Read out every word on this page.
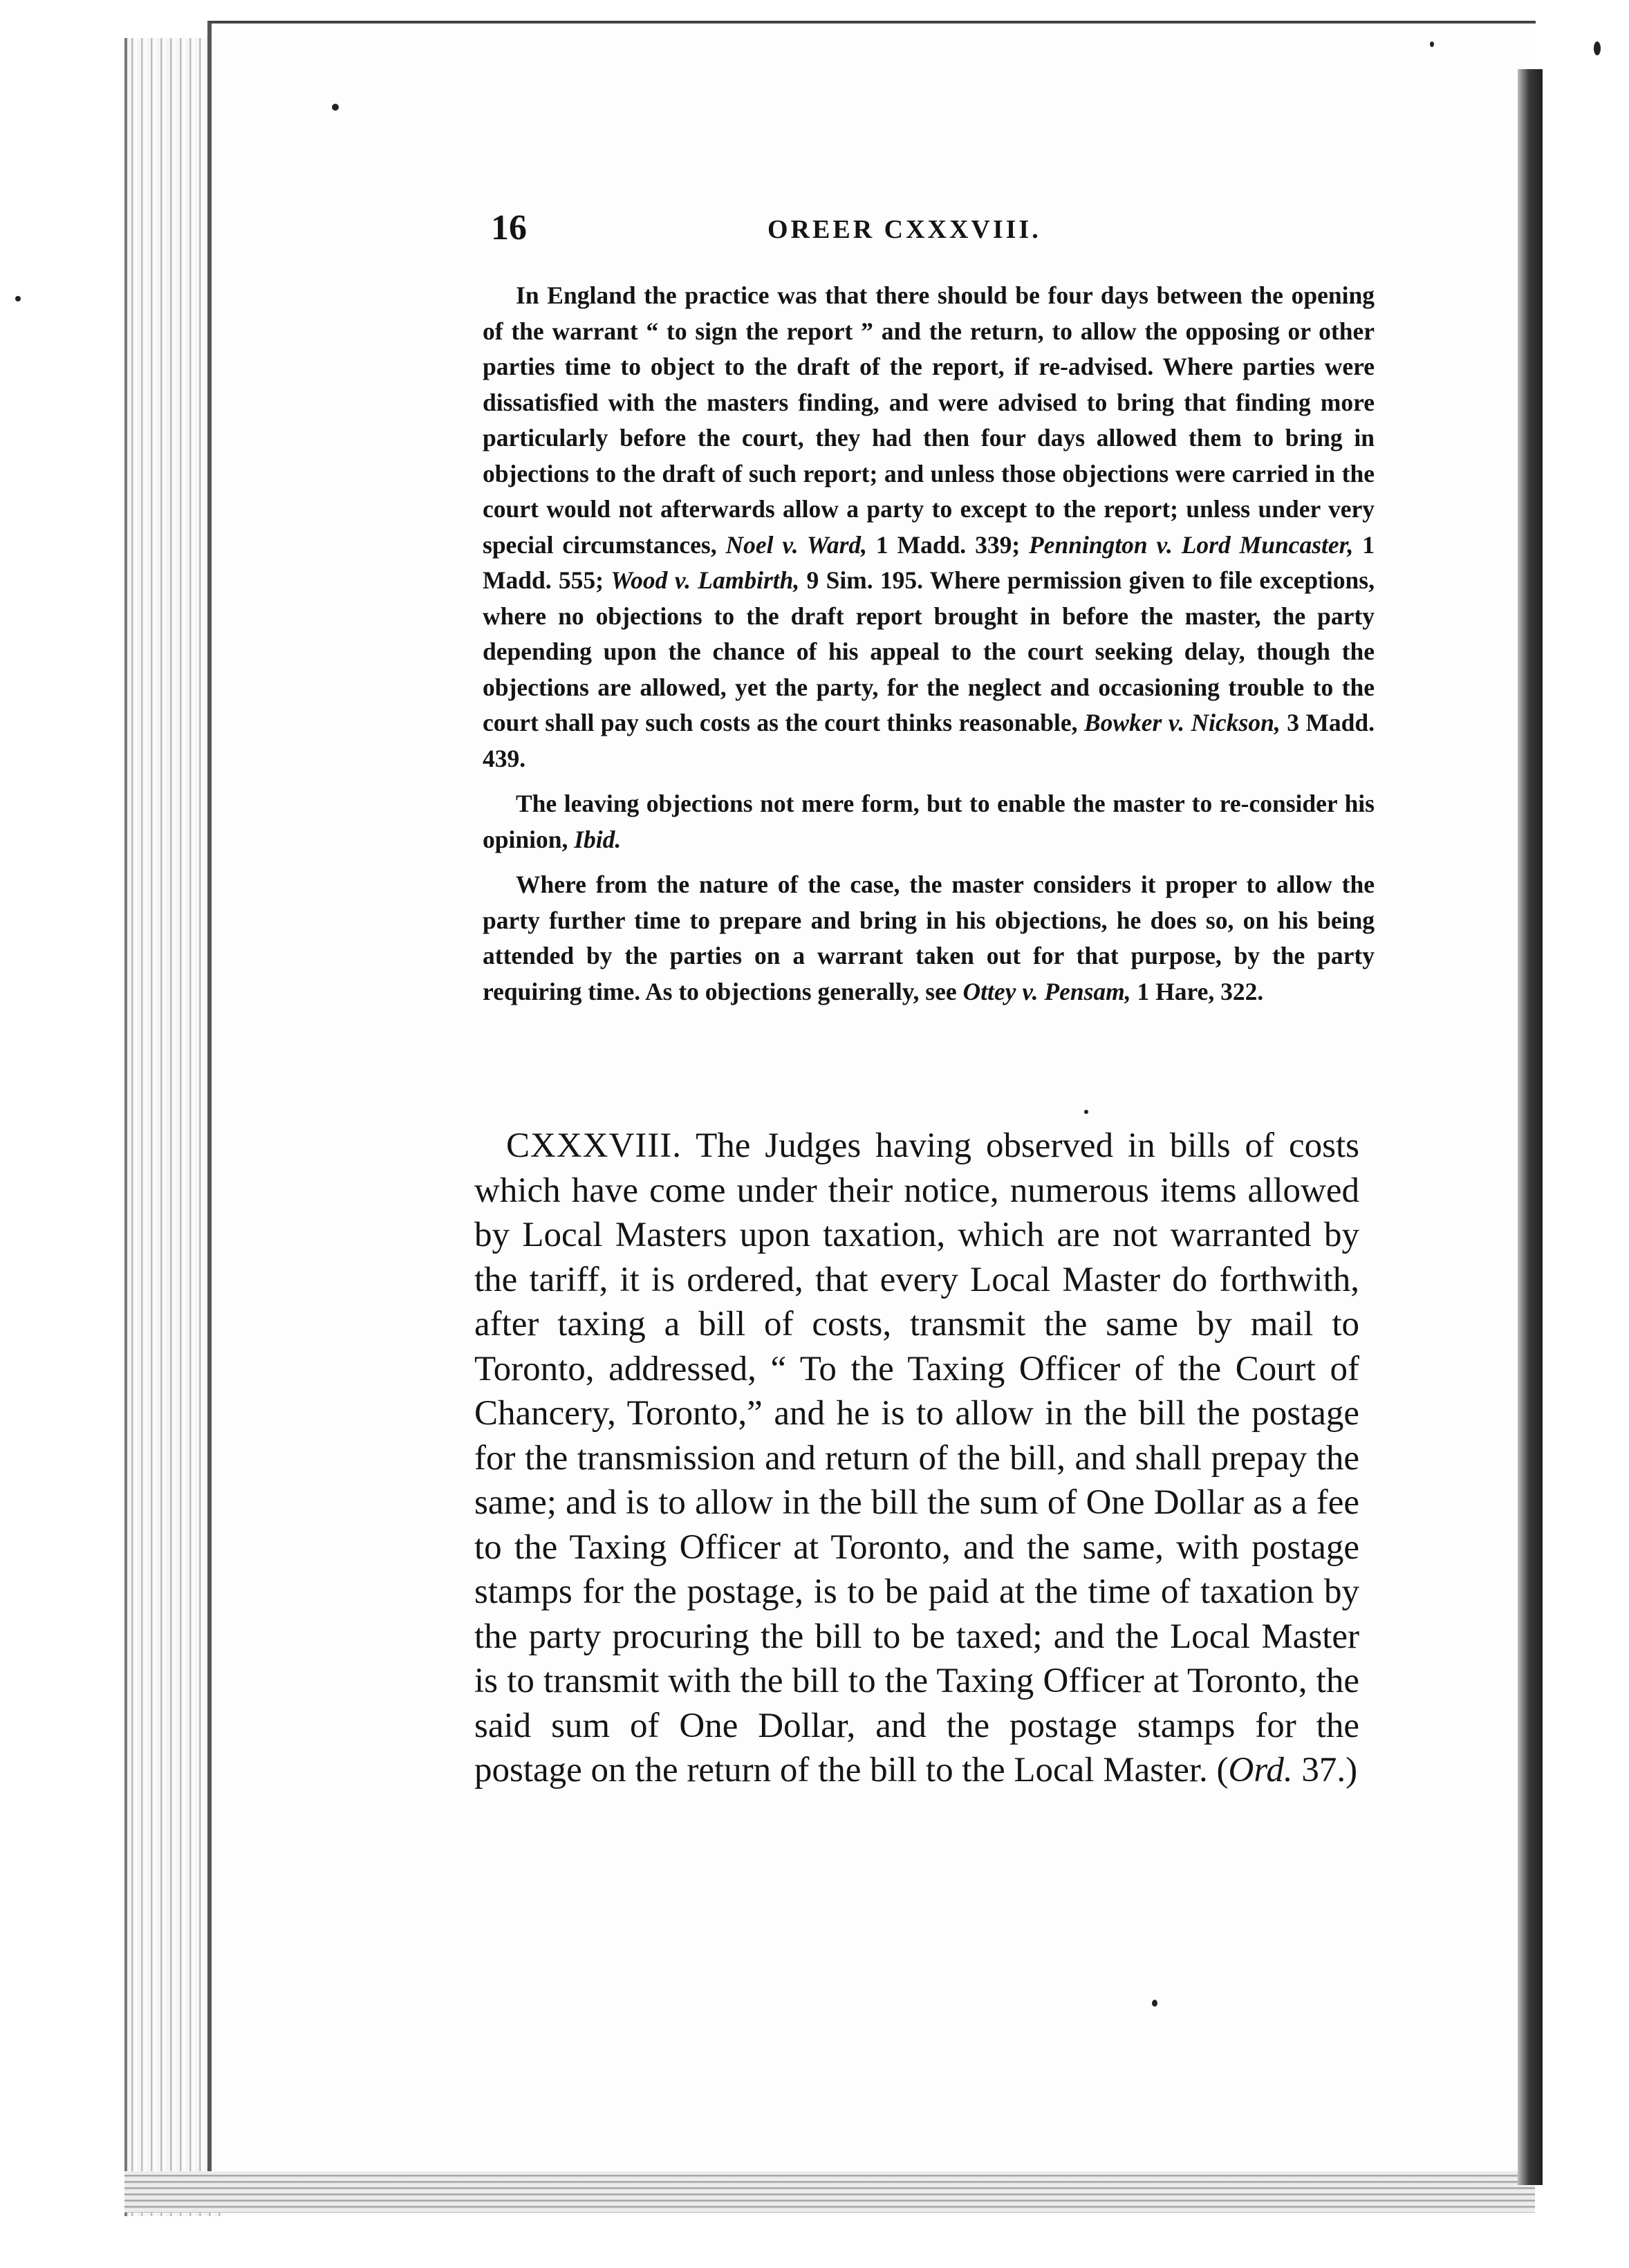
16	OREER CXXXVIII.

In England the practice was that there should be four days between the opening of the warrant “ to sign the report ” and the return, to allow the opposing or other parties time to object to the draft of the report, if re-advised. Where parties were dissatisfied with the masters finding, and were advised to bring that finding more particularly before the court, they had then four days allowed them to bring in objections to the draft of such report; and unless those objections were carried in the court would not afterwards allow a party to except to the report; unless under very special circumstances, Noel v. Ward, 1 Madd. 339; Pennington v. Lord Muncaster, 1 Madd. 555; Wood v. Lambirth, 9 Sim. 195. Where permission given to file exceptions, where no objections to the draft report brought in before the master, the party depending upon the chance of his appeal to the court seeking delay, though the objections are allowed, yet the party, for the neglect and occasioning trouble to the court shall pay such costs as the court thinks reasonable, Bowker v. Nickson, 3 Madd. 439.

The leaving objections not mere form, but to enable the master to re-consider his opinion, Ibid.

Where from the nature of the case, the master considers it proper to allow the party further time to prepare and bring in his objections, he does so, on his being attended by the parties on a warrant taken out for that purpose, by the party requiring time. As to objections generally, see Ottey v. Pensam, 1 Hare, 322.

CXXXVIII. The Judges having observed in bills of costs which have come under their notice, numerous items allowed by Local Masters upon taxation, which are not warranted by the tariff, it is ordered, that every Local Master do forthwith, after taxing a bill of costs, transmit the same by mail to Toronto, addressed, “ To the Taxing Officer of the Court of Chancery, Toronto,” and he is to allow in the bill the postage for the transmission and return of the bill, and shall prepay the same; and is to allow in the bill the sum of One Dollar as a fee to the Taxing Officer at Toronto, and the same, with postage stamps for the postage, is to be paid at the time of taxation by the party procuring the bill to be taxed; and the Local Master is to transmit with the bill to the Taxing Officer at Toronto, the said sum of One Dollar, and the postage stamps for the postage on the return of the bill to the Local Master. (Ord. 37.)
